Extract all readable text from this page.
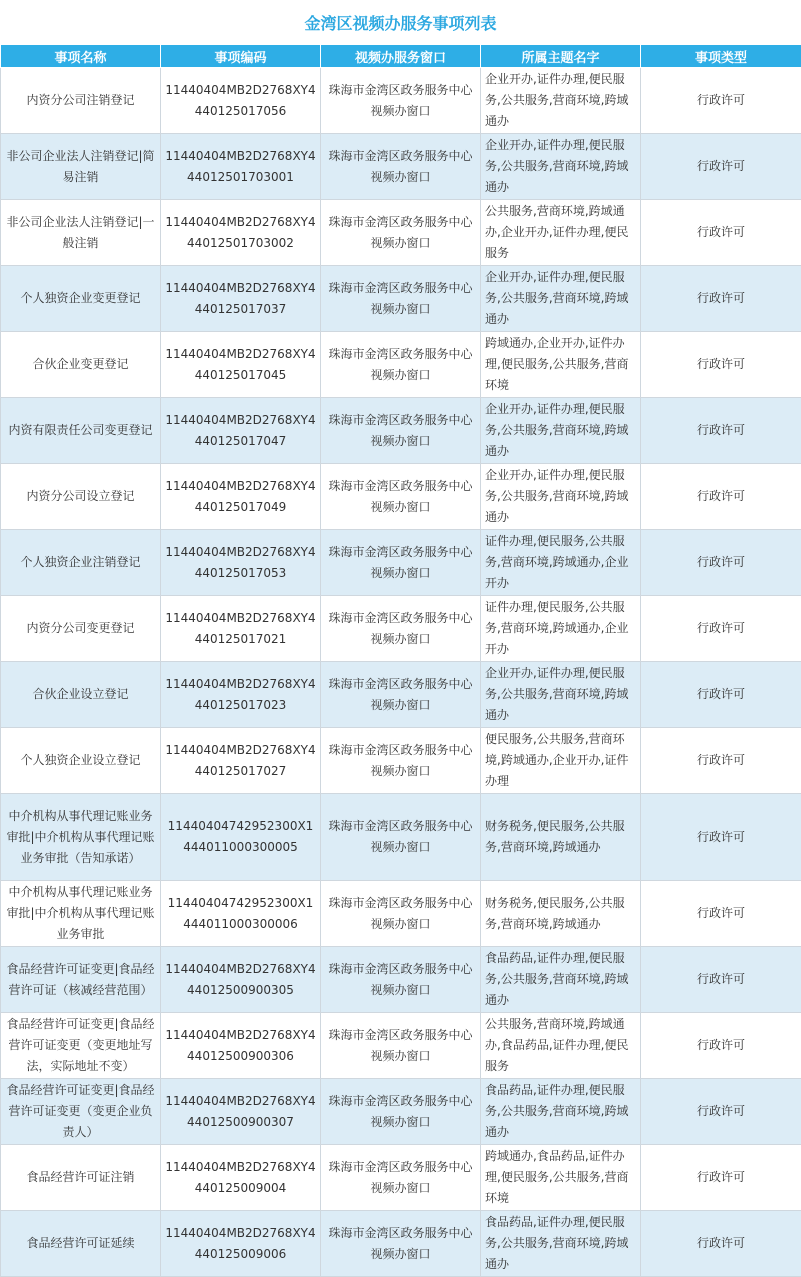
金湾区视频办服务事项列表
事项名称	事项编码	视频办服务窗口	所属主题名字	事项类型
内资分公司注销登记	11440404MB2D2768XY4440125017056	珠海市金湾区政务服务中心视频办窗口	企业开办,证件办理,便民服务,公共服务,营商环境,跨域通办	行政许可
非公司企业法人注销登记|简易注销	11440404MB2D2768XY444012501703001	珠海市金湾区政务服务中心视频办窗口	企业开办,证件办理,便民服务,公共服务,营商环境,跨域通办	行政许可
非公司企业法人注销登记|一般注销	11440404MB2D2768XY444012501703002	珠海市金湾区政务服务中心视频办窗口	公共服务,营商环境,跨域通办,企业开办,证件办理,便民服务	行政许可
个人独资企业变更登记	11440404MB2D2768XY4440125017037	珠海市金湾区政务服务中心视频办窗口	企业开办,证件办理,便民服务,公共服务,营商环境,跨域通办	行政许可
合伙企业变更登记	11440404MB2D2768XY4440125017045	珠海市金湾区政务服务中心视频办窗口	跨域通办,企业开办,证件办理,便民服务,公共服务,营商环境	行政许可
内资有限责任公司变更登记	11440404MB2D2768XY4440125017047	珠海市金湾区政务服务中心视频办窗口	企业开办,证件办理,便民服务,公共服务,营商环境,跨域通办	行政许可
内资分公司设立登记	11440404MB2D2768XY4440125017049	珠海市金湾区政务服务中心视频办窗口	企业开办,证件办理,便民服务,公共服务,营商环境,跨域通办	行政许可
个人独资企业注销登记	11440404MB2D2768XY4440125017053	珠海市金湾区政务服务中心视频办窗口	证件办理,便民服务,公共服务,营商环境,跨域通办,企业开办	行政许可
内资分公司变更登记	11440404MB2D2768XY4440125017021	珠海市金湾区政务服务中心视频办窗口	证件办理,便民服务,公共服务,营商环境,跨域通办,企业开办	行政许可
合伙企业设立登记	11440404MB2D2768XY4440125017023	珠海市金湾区政务服务中心视频办窗口	企业开办,证件办理,便民服务,公共服务,营商环境,跨域通办	行政许可
个人独资企业设立登记	11440404MB2D2768XY4440125017027	珠海市金湾区政务服务中心视频办窗口	便民服务,公共服务,营商环境,跨域通办,企业开办,证件办理	行政许可
中介机构从事代理记账业务审批|中介机构从事代理记账业务审批（告知承诺）	11440404742952300X1444011000300005	珠海市金湾区政务服务中心视频办窗口	财务税务,便民服务,公共服务,营商环境,跨域通办	行政许可
中介机构从事代理记账业务审批|中介机构从事代理记账业务审批	11440404742952300X1444011000300006	珠海市金湾区政务服务中心视频办窗口	财务税务,便民服务,公共服务,营商环境,跨域通办	行政许可
食品经营许可证变更|食品经营许可证（核减经营范围）	11440404MB2D2768XY444012500900305	珠海市金湾区政务服务中心视频办窗口	食品药品,证件办理,便民服务,公共服务,营商环境,跨域通办	行政许可
食品经营许可证变更|食品经营许可证变更（变更地址写法，实际地址不变）	11440404MB2D2768XY444012500900306	珠海市金湾区政务服务中心视频办窗口	公共服务,营商环境,跨域通办,食品药品,证件办理,便民服务	行政许可
食品经营许可证变更|食品经营许可证变更（变更企业负责人）	11440404MB2D2768XY444012500900307	珠海市金湾区政务服务中心视频办窗口	食品药品,证件办理,便民服务,公共服务,营商环境,跨域通办	行政许可
食品经营许可证注销	11440404MB2D2768XY4440125009004	珠海市金湾区政务服务中心视频办窗口	跨域通办,食品药品,证件办理,便民服务,公共服务,营商环境	行政许可
食品经营许可证延续	11440404MB2D2768XY4440125009006	珠海市金湾区政务服务中心视频办窗口	食品药品,证件办理,便民服务,公共服务,营商环境,跨域通办	行政许可
